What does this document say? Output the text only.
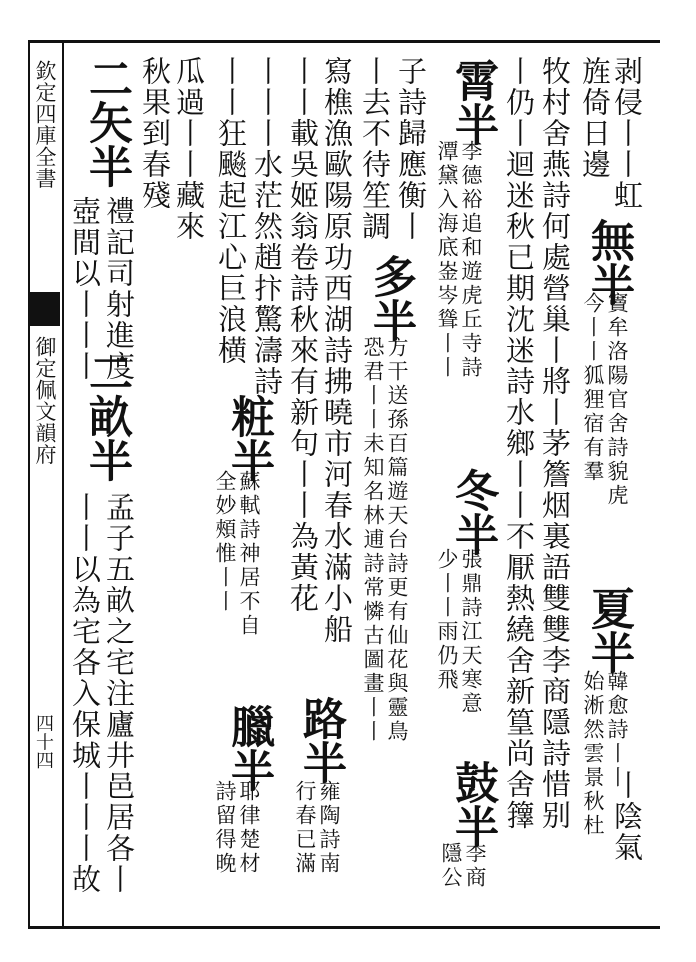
欽定四庫全書
御定佩文韻府
四十四
剥侵丨丨虹
旌倚日邊
丨陰氣
無半
竇牟洛陽官舍詩貌虎
今丨丨狐狸宿有羣
夏半
韓愈詩丨丨
始淅然雲景秋杜
牧村舍燕詩何處營巢丨將丨茅簷烟裏語雙雙李商隱詩惜别
丨仍丨迴迷秋已期沈迷詩水鄉丨丨不厭熱繞舍新篁尚舍籜
霄半
李德裕追和遊虎丘寺詩
潭黛入海底崟岑聳丨丨
冬半
張鼎詩江天寒意
少丨丨雨仍飛
鼓半
李商
隱公
子詩歸應衡丨
丨去不待笙調
多半
方干送孫百篇遊天台詩更有仙花與靈鳥
恐君丨丨未知名林逋詩常憐古圖畫丨丨
寫樵漁歐陽原功西湖詩拂曉市河春水滿小船
丨丨載吳姬翁卷詩秋來有新句丨丨為黃花
路半
雍陶詩南
行春已滿
丨丨丨水茫然趙抃驚濤詩
丨丨狂飈起江心巨浪横
粧半
蘇軾詩神居不自
全妙頰惟丨丨
臘半
耶律楚材
詩留得晚
瓜過丨丨藏來
秋果到春殘
二矢半
禮記司射進度
壺間以丨丨丨
二畝半
孟子五畝之宅注廬井邑居各丨
丨丨以為宅各入保城丨丨丨故
